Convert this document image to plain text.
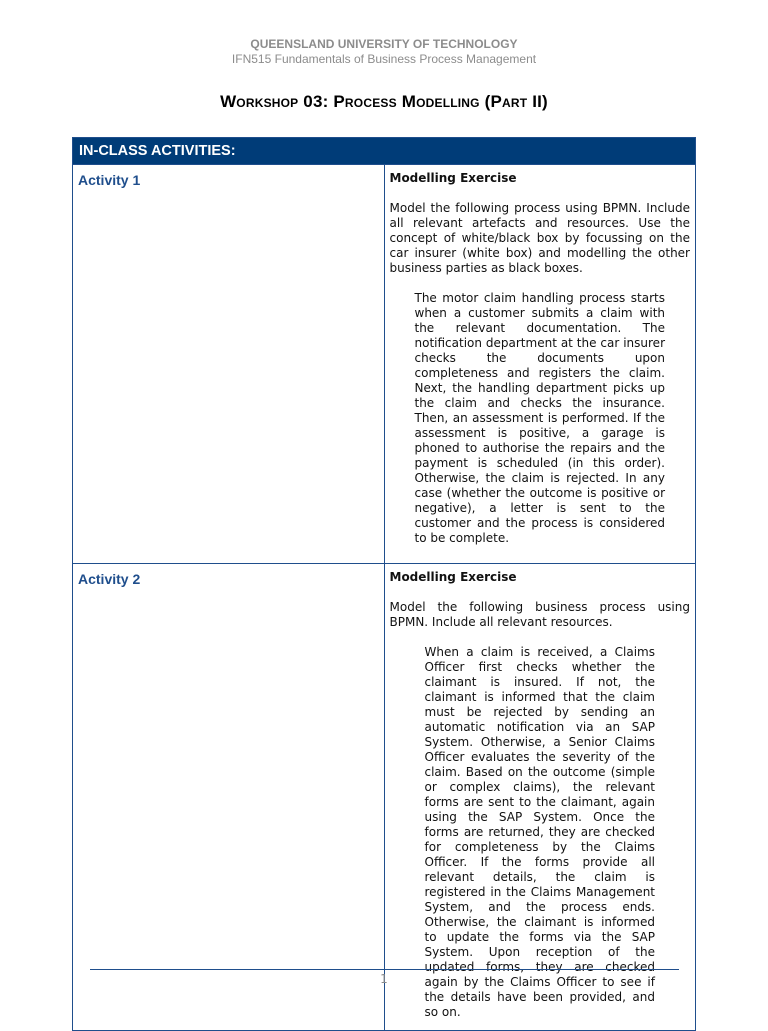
QUEENSLAND UNIVERSITY OF TECHNOLOGY
IFN515 Fundamentals of Business Process Management
Workshop 03: Process Modelling (Part II)
IN-CLASS ACTIVITIES:	
Activity 1	Modelling Exercise
Model the following process using BPMN. Include all relevant artefacts and resources. Use the concept of white/black box by focussing on the car insurer (white box) and modelling the other business parties as black boxes.
The motor claim handling process starts when a customer submits a claim with the relevant documentation. The notification department at the car insurer checks the documents upon completeness and registers the claim. Next, the handling department picks up the claim and checks the insurance. Then, an assessment is performed. If the assessment is positive, a garage is phoned to authorise the repairs and the payment is scheduled (in this order). Otherwise, the claim is rejected. In any case (whether the outcome is positive or negative), a letter is sent to the customer and the process is considered to be complete.

Activity 2	Modelling Exercise
Model the following business process using BPMN. Include all relevant resources.
When a claim is received, a Claims Officer first checks whether the claimant is insured. If not, the claimant is informed that the claim must be rejected by sending an automatic notification via an SAP System. Otherwise, a Senior Claims Officer evaluates the severity of the claim. Based on the outcome (simple or complex claims), the relevant forms are sent to the claimant, again using the SAP System. Once the forms are returned, they are checked for completeness by the Claims Officer. If the forms provide all relevant details, the claim is registered in the Claims Management System, and the process ends. Otherwise, the claimant is informed to update the forms via the SAP System. Upon reception of the updated forms, they are checked again by the Claims Officer to see if the details have been provided, and so on.
1
